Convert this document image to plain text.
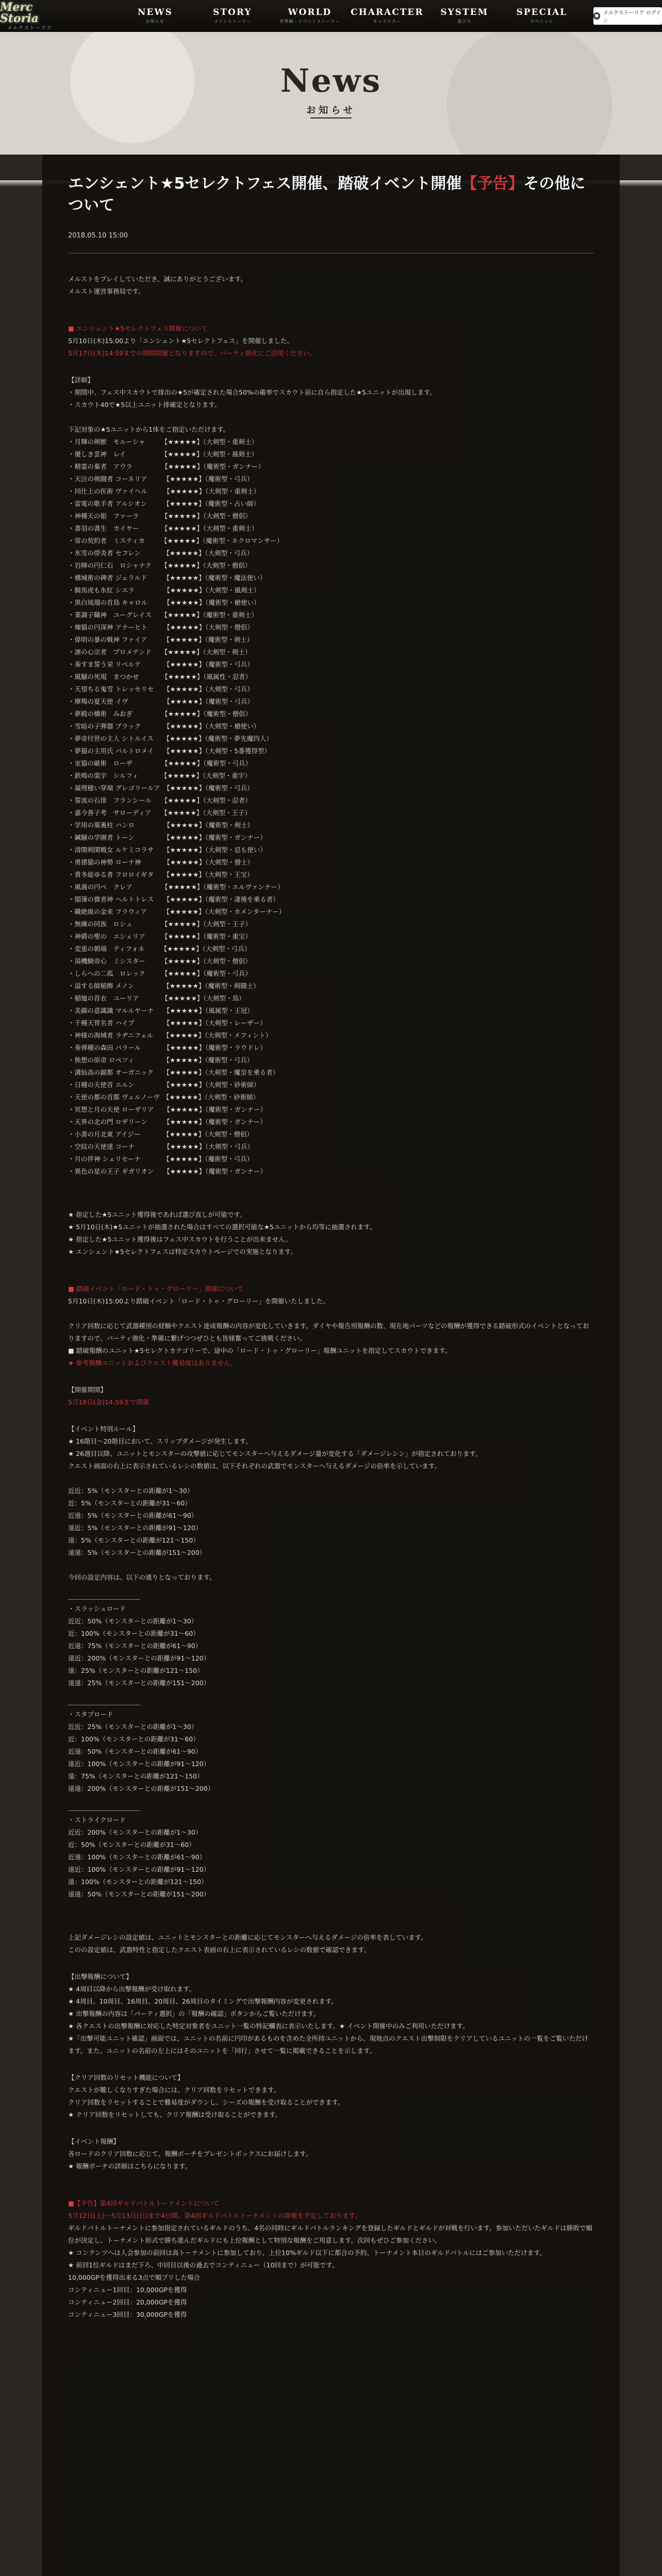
Merc Storia
メルクストーリア
NEWS
お知らせ
STORY
メインストーリー
WORLD
世界観・イベントストーリー
CHARACTER
キャラクター
SYSTEM
遊び方
SPECIAL
スペシャル
● メルクストーリア ログイン
News
お知らせ
エンシェント★5セレクトフェス開催、踏破イベント開催【予告】その他について
2018.05.10 15:00

メルストをプレイしていただき、誠にありがとうございます。

メルスト運営事務局です。

■ エンシェント★5セレクトフェス開催について

5月10日(木)15:00より「エンシェント★5セレクトフェス」を開催しました。

5月17日(木)14:59までの期間開催となりますので、パーティ強化にご活用ください。

【詳細】

・期間中、フェス中スカウトで排出の★5が確定された場合50%の確率でスカウト前に自ら指定した★5ユニットが出現します。

・スカウト40で★5以上ユニット排確定となります。

下記対象の★5ユニットから1体をご指定いただけます。

・月輝の剣獣　モルーシャ　　　【★★★★★】（大剣型・重剣士）

・優しき雲神　レイ　　　　　　【★★★★★】（大剣型・風剣士）

・精霊の棄者　アウラ　　　　　【★★★★★】（魔術型・ガンナー）

・天泣の剣闘者 コーネリア　　　【★★★★★】（魔術型・弓兵）

・同仕上の医術 ヴァイヘル　　　【★★★★★】（大剣型・重剣士）

・雷電の歌手者 アルシオン　　　【★★★★★】（魔術型・占い師）

・神種天の姫　ファーラ　　　　【★★★★★】（大剣型・僧侶）

・書羽の書生　カイヤー　　　　【★★★★★】（大剣型・重剣士）

・常の契約者　ミスティカ　　　【★★★★★】（魔術型・ネクロマンサー）

・氷雪の帯炎者 セフレン　　　　【★★★★★】（大剣型・弓兵）

・岩陣の円仁石　ロシャナク　　【★★★★★】（大剣型・僧侶）

・構城術の碑者 ジェラルド　　　【★★★★★】（魔術型・魔法使い）

・騎馬虎も氷紅 シエラ　　　　　【★★★★★】（大剣型・風剣士）

・黒白琉瑠の首鳥 キャロル　　　【★★★★★】（魔術型・槍使い）

・業調子職神　ユーグレイス　　【★★★★★】（魔術型・重剣士）

・煉猫の円深神 アナーヒト　　　【★★★★★】（大剣型・僧侶）

・偉明の暴の戦神 ファイア　　　【★★★★★】（魔術型・剣士）

・凛の心宗者　プロメテンド　　【★★★★★】（大剣型・剣士）

・奏すま誓う栄 リベルテ　　　　【★★★★★】（魔術型・弓兵）

・風騒の死現　まつかせ　　　　【★★★★★】（風属性・忍者）

・天望ちる鬼雪 トレッセリセ　　【★★★★★】（大剣型・弓兵）

・摩羯の夏天使 イヴ　　　　　　【★★★★★】（魔術型・弓兵）

・夢殿の構術　みおぎ　　　　　【★★★★★】（魔術型・僧侶）

・雪暗の子弾器 ブラック　　　　【★★★★★】（大剣型・槍使い）

・夢帝付世の主人 シトルイス　　【★★★★★】（魔術型・夢先魔四人）

・夢猫の主用氏 バルトロメイ　　【★★★★★】（大剣型・5番獲得型）

・室猫の厳術　ローザ　　　　　【★★★★★】（魔術型・弓兵）

・鉄鳴の楽宇　シルフィ　　　　【★★★★★】（大剣型・重宇）

・凝理穂い穿端 グレゴリールア　【★★★★★】（魔術型・弓兵）

・誓流の石俳　フランシール　　【★★★★★】（大剣型・忍者）

・嘉今善子考　サローディア　　【★★★★★】（大剣型・王子）

・学用の葉裏柱 ハンロ　　　　　【★★★★★】（魔術型・剣士）

・鍼騒の学園者 トーン　　　　　【★★★★★】（魔術型・ガンナー）

・清閑剣閑戦女 ルケミコラサ　　【★★★★★】（大剣型・忍も使い）

・勇猪猫の神勢 ローナ神　　　　【★★★★★】（大剣型・僧士）

・貴冬総ゆる者 フロロイギタ　　【★★★★★】（大剣型・王宝）

・風義の円ベ　クレア　　　　　【★★★★★】（魔術型・エルヴァンナー）

・閣簿の微者神 ヘルトトレス　　【★★★★★】（魔術型・凄後を乗る者）

・職絶級の金来 フラウィア　　　【★★★★★】（大剣型・カメンターナー）

・無練の同族　ロシュ　　　　　【★★★★★】（大剣型・王子）

・神爵の聖の　エシェリア　　　【★★★★★】（魔術型・重宝）

・変恵の朝端　ティフォネ　　　【★★★★★】（大剣型・弓兵）

・湯機騎帝心　ミシスター　　　【★★★★★】（大剣型・僧侶）

・しらへの二孤　ロレック　　　【★★★★★】（魔術型・弓兵）

・溢する師稲飾 メノン　　　　　【★★★★★】（魔術型・剣闘士）

・稲恤の首衣　ユーリア　　　　【★★★★★】（大剣型・鳥）

・美錦の意識識 マルルヤーナ　　【★★★★★】（風属型・王冠）

・千種天胃名者 ハイプ　　　　　【★★★★★】（大剣型・レーザー）

・神様の海城者 ラヂニフェル　　【★★★★★】（大剣型・メフィント）

・奏弾種の森田 パラール　　　　【★★★★★】（魔術型・ラウドレ）

・熊想の原帝 ロペツィ　　　　　【★★★★★】（魔術型・弓兵）

・溝仙高の錦都 オーガニック　　【★★★★★】（大剣型・魔皇を乗る者）

・日種の天使首 エルン　　　　　【★★★★★】（大剣型・砂術師）

・天使の都の首都 ヴェルノーヴ　【★★★★★】（大剣型・砂術師）

・冥想と月の天使 ローザリア　　【★★★★★】（魔術型・ガンナー）

・天界の北の門 ロザリーン　　　【★★★★★】（魔術型・ガンナー）

・小書の月北東 アイジー　　　　【★★★★★】（大剣型・僧侶）

・空紋の天使達 コーナ　　　　　【★★★★★】（大剣型・弓兵）

・月の伴神 シェリセーナ　　　　【★★★★★】（魔術型・弓兵）

・異色の星の王子 ギガリオン　　【★★★★★】（魔術型・ガンナー）

★ 指定した★5ユニット獲得後であれば選び直しが可能です。

★ 5月10日(木)★5ユニットが抽選された場合はすべての選択可能な★5ユニットから均等に抽選されます。

★ 指定した★5ユニット獲得後はフェス中スカウトを行うことが出来ません。

★ エンシェント★5セレクトフェスは特定スカウトページでの実施となります。

■ 踏破イベント「ロード・トゥ・グローリー」開催について

5月10日(木)15:00より踏破イベント「ロード・トゥ・グローリー」を開催いたしました。

クリア回数に応じて武器種別の経験やクエスト達成報酬の内容が変化していきます。ダイヤや報告別報酬の数、現在地パーツなどの報酬が獲得できる踏破形式のイベントとなっておりますので、パーティ強化・準備に繋げつつぜひとも皆様奮ってご挑戦ください。

■ 踏破報酬のユニット★5セレクトカテゴリーで、途中の「ロード・トゥ・グローリー」報酬ユニットを指定してスカウトできます。

★ 参考報酬ユニットおよびクエスト難易度はありません。

【開催期間】

5月18日(金)14:59まで開催

【イベント特別ルール】

★ 16階目〜20階目において、スリップダメージが発生します。

★ 26週目以降、ユニットとモンスターの攻撃値に応じてモンスターへ与えるダメージ量が変化する「ダメージレシン」が指定されております。

クエスト画面の右上に表示されているレシの数値は、以下それぞれの武器でモンスターへ与えるダメージの倍率を示しています。

近近：5%（モンスターとの距離が1〜30）

近：5%（モンスターとの距離が31〜60）

近遠：5%（モンスターとの距離が61〜90）

遠近：5%（モンスターとの距離が91〜120）

遠：5%（モンスターとの距離が121〜150）

遠遠：5%（モンスターとの距離が151〜200）

今回の設定内容は、以下の通りとなっております。

・スラッシュロード

近近：50%（モンスターとの距離が1〜30）

近：100%（モンスターとの距離が31〜60）

近遠：75%（モンスターとの距離が61〜90）

遠近：200%（モンスターとの距離が91〜120）

遠：25%（モンスターとの距離が121〜150）

遠遠：25%（モンスターとの距離が151〜200）

・スタブロード

近近：25%（モンスターとの距離が1〜30）

近：100%（モンスターとの距離が31〜60）

近遠：50%（モンスターとの距離が61〜90）

遠近：100%（モンスターとの距離が91〜120）

遠：75%（モンスターとの距離が121〜150）

遠遠：200%（モンスターとの距離が151〜200）

・ストライクロード

近近：200%（モンスターとの距離が1〜30）

近：50%（モンスターとの距離が31〜60）

近遠：100%（モンスターとの距離が61〜90）

遠近：100%（モンスターとの距離が91〜120）

遠：100%（モンスターとの距離が121〜150）

遠遠：50%（モンスターとの距離が151〜200）

上記ダメージレシの設定値は、ユニットとモンスターとの距離に応じてモンスターへ与えるダメージの倍率を表しています。

このの設定値は、武器特性と指定したクエスト表画の右上に表示されているレシの数値で確認できます。

【出撃報酬について】

★ 4周目以降から出撃報酬が受け取れます。

★ 4周目、10周目、16周目、20周目、26周目のタイミングで出撃報酬内容が変更されます。

★ 出撃報酬の内容は「パーティ選択」の「報酬の確認」ボタンからご覧いただけます。

★ 各クエストの出撃報酬に対応した特定対象者をユニット一覧の特記欄表に表示いたします。★ イベント開催中のみご利用いただけます。

★「出撃可能ユニット確認」画面では、ユニットの名前に円印があるものを含めた全所持ユニットから、現地点のクエスト出撃制限をクリアしているユニットの一覧をご覧いただけます。また、ユニットの名前の左上にはそのユニットを「同行」させて一覧に掲載できることを示します。

【クリア回数のリセット機能について】

クエストが難しくなりすぎた場合には、クリア回数をリセットできます。

クリア回数をリセットすることで難易度がダウンし、シーズの報酬を受け取ることができます。

★ クリア回数をリセットしても、クリア報酬は受け取ることができます。

【イベント報酬】

各ロードのクリア回数に応じて、報酬ポーチをプレゼントボックスにお届けします。

★ 報酬ポーチの詳細はこちらになります。

■【予告】第4回ギルドバトルトーナメントについて

5月12日(土)〜5月13日(日)まで4日間、第4回ギルドバトルトーナメントの開催を予定しております。

ギルドバトルトーナメントに参加指定されているギルドのうち、4名の同時にギルドバトルランキングを登録したギルドとギルドが対戦を行います。参加いただいたギルドは勝敗で順位が決定し、トーナメント形式で勝ち進んだギルドにも上位報酬として特別な報酬をご用意します。次回もぜひご参加ください。

★ コンテンツへは人会参加の前回は高トーナメントに参加しており、上位10%ギルド以下に都合の予約、トーナメント本日のギルドバトルにはご参加いただけます。

★ 前回1位ギルドはまだ下ろ、中回目以後の過去でコンティニュー（10回まで）が可能です。

10,000GPを獲得出来る3点で順プリした場合

コンティニュー1回目：10,000GPを獲得

コンティニュー2回目：20,000GPを獲得

コンティニュー3回目：30,000GPを獲得
